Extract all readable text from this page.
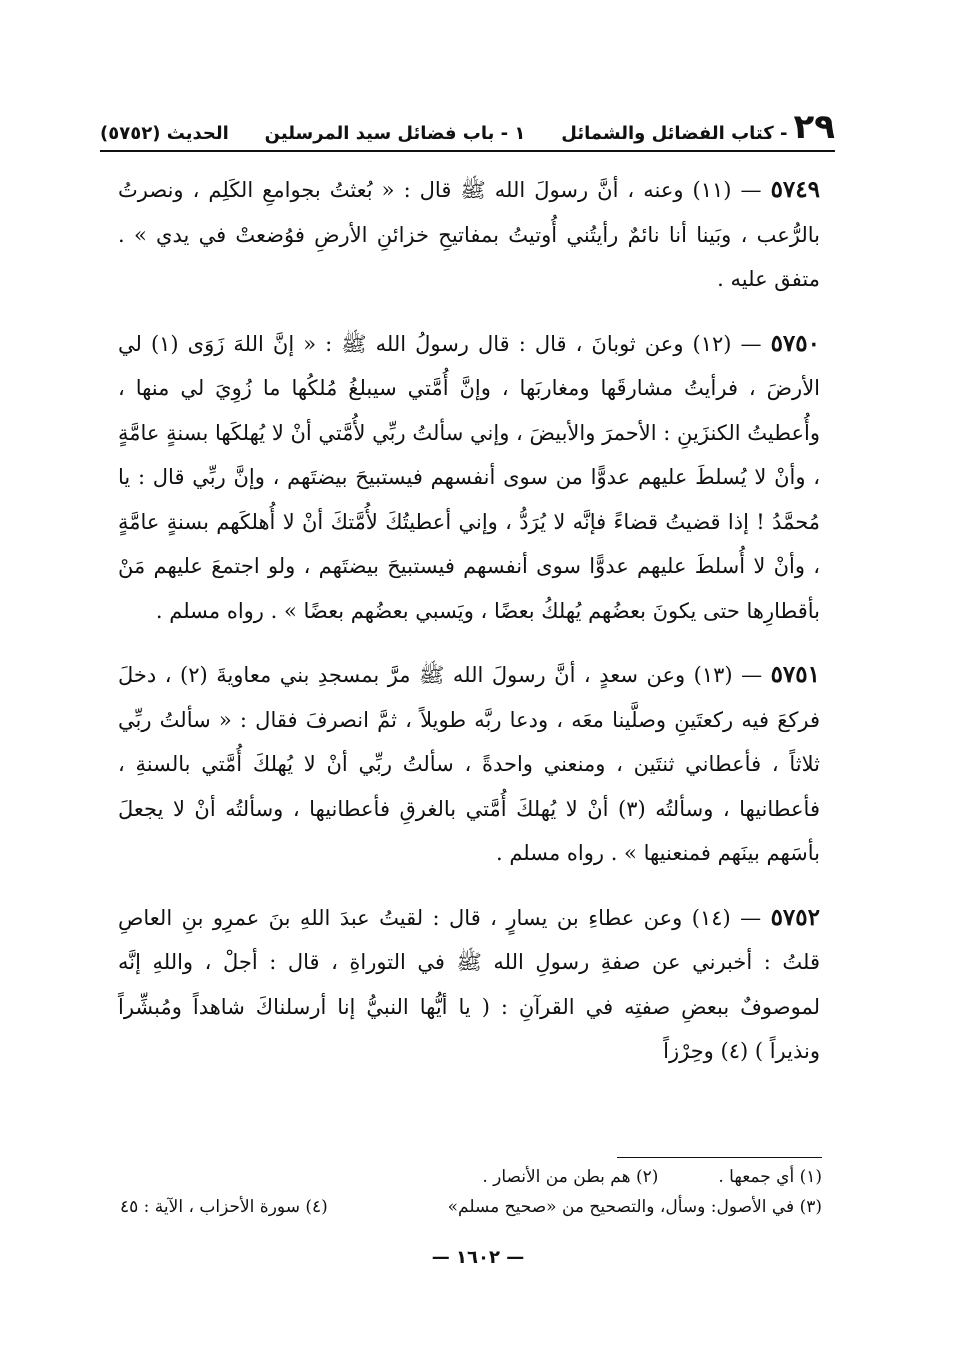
٢٩
- كتاب الفضائل والشمائل
١ - باب فضائل سيد المرسلين
الحديث (٥٧٥٢)

٥٧٤٩ — (١١) وعنه ، أنَّ رسولَ الله ﷺ قال : « بُعثتُ بجوامعِ الكَلِم ، ونصرتُ بالرُّعب ، وبَينا أنا نائمٌ رأيتُني أُوتيتُ بمفاتيحِ خزائنِ الأرضِ فوُضعتْ في يدي » . متفق عليه .

٥٧٥٠ — (١٢) وعن ثوبانَ ، قال : قال رسولُ الله ﷺ : « إنَّ اللهَ زَوَى (١) لي الأرضَ ، فرأيتُ مشارقَها ومغاربَها ، وإنَّ أُمَّتي سيبلغُ مُلكُها ما زُوِيَ لي منها ، وأُعطيتُ الكنزَينِ : الأحمرَ والأبيضَ ، وإني سألتُ ربِّي لأُمَّتي أنْ لا يُهلكَها بسنةٍ عامَّةٍ ، وأنْ لا يُسلطَ عليهم عدوًّا من سوى أنفسهم فيستبيحَ بيضتَهم ، وإنَّ ربِّي قال : يا مُحمَّدُ ! إذا قضيتُ قضاءً فإنَّه لا يُرَدُّ ، وإني أعطيتُكَ لأُمَّتكَ أنْ لا أُهلكَهم بسنةٍ عامَّةٍ ، وأنْ لا أُسلطَ عليهم عدوًّا سوى أنفسهم فيستبيحَ بيضتَهم ، ولو اجتمعَ عليهم مَنْ بأقطارِها حتى يكونَ بعضُهم يُهلكُ بعضًا ، ويَسبي بعضُهم بعضًا » . رواه مسلم .

٥٧٥١ — (١٣) وعن سعدٍ ، أنَّ رسولَ الله ﷺ مرَّ بمسجدِ بني معاويةَ (٢) ، دخلَ فركعَ فيه ركعتَينِ وصلَّينا معَه ، ودعا ربَّه طويلاً ، ثمَّ انصرفَ فقال : « سألتُ ربِّي ثلاثاً ، فأعطاني ثنتَين ، ومنعني واحدةً ، سألتُ ربِّي أنْ لا يُهلكَ أُمَّتي بالسنةِ ، فأعطانيها ، وسألتُه (٣) أنْ لا يُهلكَ أُمَّتي بالغرقِ فأعطانيها ، وسألتُه أنْ لا يجعلَ بأسَهم بينَهم فمنعنيها » . رواه مسلم .

٥٧٥٢ — (١٤) وعن عطاءِ بن يسارٍ ، قال : لقيتُ عبدَ اللهِ بنَ عمرِو بنِ العاصِ قلتُ : أخبرني عن صفةِ رسولِ الله ﷺ في التوراةِ ، قال : أجلْ ، واللهِ إنَّه لموصوفٌ ببعضِ صفتِه في القرآنِ : ( يا أيُّها النبيُّ إنا أرسلناكَ شاهداً ومُبشِّراً ونذيراً ) (٤) وحِرْزاً

(١) أي جمعها .
(٢) هم بطن من الأنصار .
(٣) في الأصول: وسأل، والتصحيح من «صحيح مسلم»
(٤) سورة الأحزاب ، الآية : ٤٥
— ١٦٠٢ —
